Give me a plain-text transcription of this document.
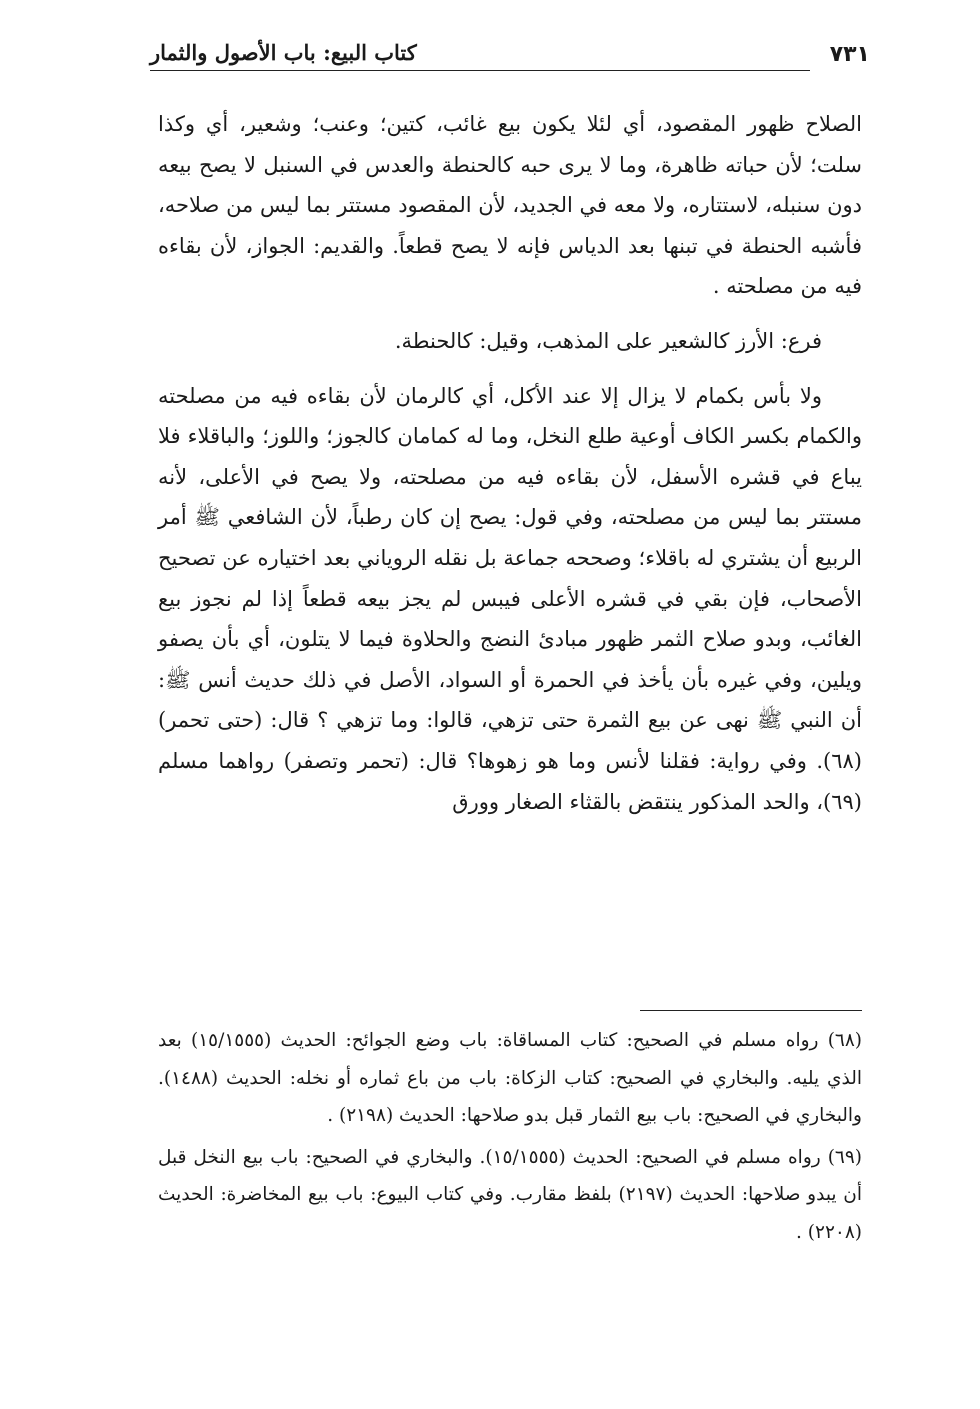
٧٣١
كتاب البيع: باب الأصول والثمار

الصلاح ظهور المقصود، أي لئلا يكون بيع غائب، كتين؛ وعنب؛ وشعير، أي وكذا سلت؛ لأن حباته ظاهرة، وما لا يرى حبه كالحنطة والعدس في السنبل لا يصح بيعه دون سنبله، لاستتاره، ولا معه في الجديد، لأن المقصود مستتر بما ليس من صلاحه، فأشبه الحنطة في تبنها بعد الدياس فإنه لا يصح قطعاً. والقديم: الجواز، لأن بقاءه فيه من مصلحته .

فرع: الأرز كالشعير على المذهب، وقيل: كالحنطة.

ولا بأس بكمام لا يزال إلا عند الأكل، أي كالرمان لأن بقاءه فيه من مصلحته والكمام بكسر الكاف أوعية طلع النخل، وما له كمامان كالجوز؛ واللوز؛ والباقلاء فلا يباع في قشره الأسفل، لأن بقاءه فيه من مصلحته، ولا يصح في الأعلى، لأنه مستتر بما ليس من مصلحته، وفي قول: يصح إن كان رطباً، لأن الشافعي ﷺ أمر الربيع أن يشتري له باقلاء؛ وصححه جماعة بل نقله الروياني بعد اختياره عن تصحيح الأصحاب، فإن بقي في قشره الأعلى فيبس لم يجز بيعه قطعاً إذا لم نجوز بيع الغائب، وبدو صلاح الثمر ظهور مبادئ النضج والحلاوة فيما لا يتلون، أي بأن يصفو ويلين، وفي غيره بأن يأخذ في الحمرة أو السواد، الأصل في ذلك حديث أنس ﷺ: أن النبي ﷺ نهى عن بيع الثمرة حتى تزهي، قالوا: وما تزهي ؟ قال: (حتى تحمر) (٦٨). وفي رواية: فقلنا لأنس وما هو زهوها؟ قال: (تحمر وتصفر) رواهما مسلم (٦٩)، والحد المذكور ينتقض بالقثاء الصغار وورق

(٦٨) رواه مسلم في الصحيح: كتاب المساقاة: باب وضع الجوائح: الحديث (١٥/١٥٥٥) بعد الذي يليه. والبخاري في الصحيح: كتاب الزكاة: باب من باع ثماره أو نخله: الحديث (١٤٨٨). والبخاري في الصحيح: باب بيع الثمار قبل بدو صلاحها: الحديث (٢١٩٨) .

(٦٩) رواه مسلم في الصحيح: الحديث (١٥/١٥٥٥). والبخاري في الصحيح: باب بيع النخل قبل أن يبدو صلاحها: الحديث (٢١٩٧) بلفظ مقارب. وفي كتاب البيوع: باب بيع المخاضرة: الحديث (٢٢٠٨) .
